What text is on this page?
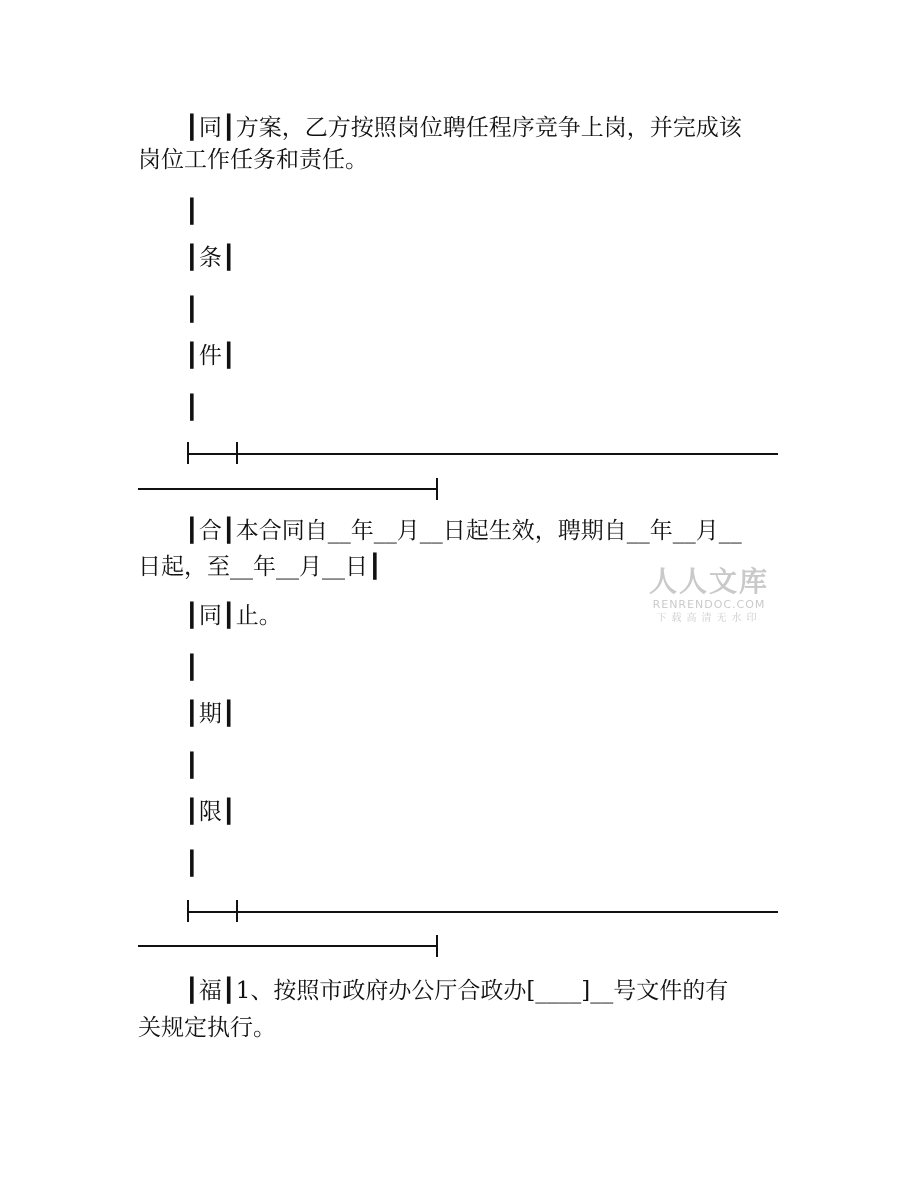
┃同┃方案，乙方按照岗位聘任程序竞争上岗，并完成该
岗位工作任务和责任。
┃
┃条┃
┃
┃件┃
┃
┃合┃本合同自__年__月__日起生效，聘期自__年__月__
日起，至__年__月__日┃
┃同┃止。
┃
┃期┃
┃
┃限┃
┃
┃福┃1、按照市政府办公厅合政办[____]__号文件的有
关规定执行。
人人文库
RENRENDOC.COM
下载高清无水印
